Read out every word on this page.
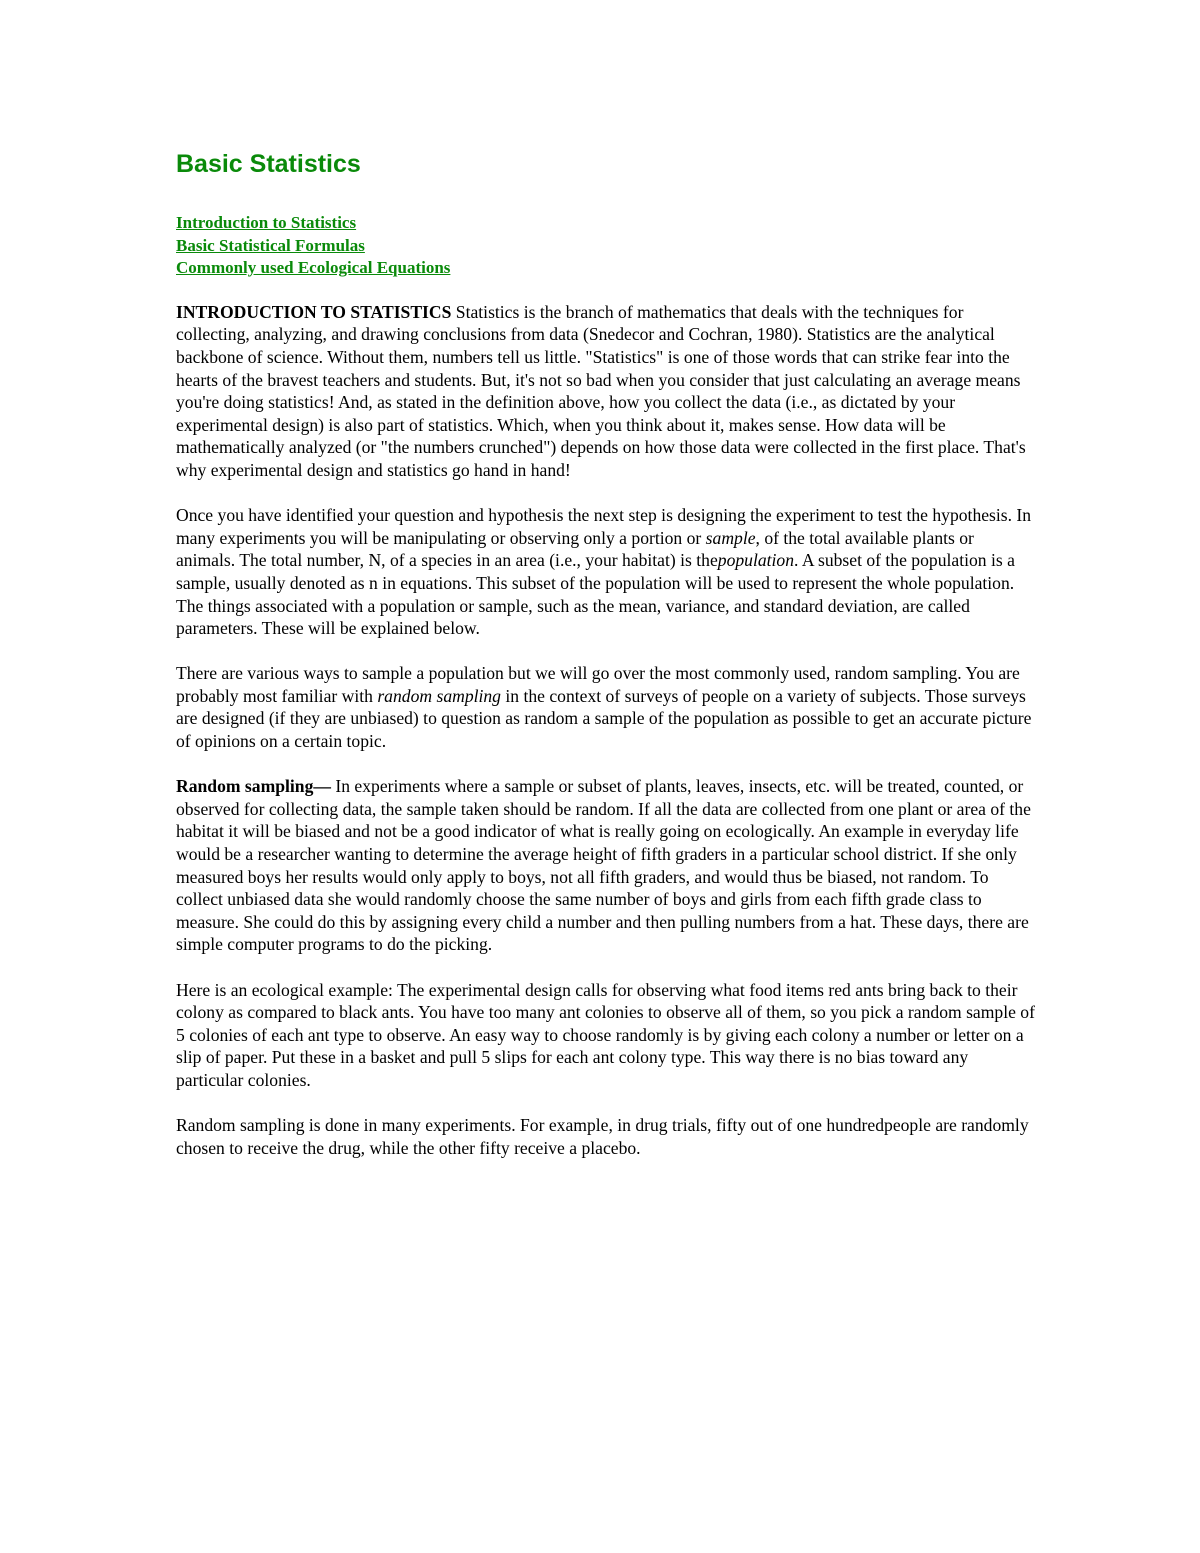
Basic Statistics
Introduction to Statistics
Basic Statistical Formulas
Commonly used Ecological Equations

INTRODUCTION TO STATISTICS Statistics is the branch of mathematics that deals with the techniques for collecting, analyzing, and drawing conclusions from data (Snedecor and Cochran, 1980). Statistics are the analytical backbone of science. Without them, numbers tell us little. "Statistics" is one of those words that can strike fear into the hearts of the bravest teachers and students. But, it's not so bad when you consider that just calculating an average means you're doing statistics! And, as stated in the definition above, how you collect the data (i.e., as dictated by your experimental design) is also part of statistics. Which, when you think about it, makes sense. How data will be mathematically analyzed (or "the numbers crunched") depends on how those data were collected in the first place. That's why experimental design and statistics go hand in hand!

Once you have identified your question and hypothesis the next step is designing the experiment to test the hypothesis. In many experiments you will be manipulating or observing only a portion or sample, of the total available plants or animals. The total number, N, of a species in an area (i.e., your habitat) is thepopulation. A subset of the population is a sample, usually denoted as n in equations. This subset of the population will be used to represent the whole population. The things associated with a population or sample, such as the mean, variance, and standard deviation, are called parameters. These will be explained below.

There are various ways to sample a population but we will go over the most commonly used, random sampling. You are probably most familiar with random sampling in the context of surveys of people on a variety of subjects. Those surveys are designed (if they are unbiased) to question as random a sample of the population as possible to get an accurate picture of opinions on a certain topic.

Random sampling— In experiments where a sample or subset of plants, leaves, insects, etc. will be treated, counted, or observed for collecting data, the sample taken should be random. If all the data are collected from one plant or area of the habitat it will be biased and not be a good indicator of what is really going on ecologically. An example in everyday life would be a researcher wanting to determine the average height of fifth graders in a particular school district. If she only measured boys her results would only apply to boys, not all fifth graders, and would thus be biased, not random. To collect unbiased data she would randomly choose the same number of boys and girls from each fifth grade class to measure. She could do this by assigning every child a number and then pulling numbers from a hat. These days, there are simple computer programs to do the picking.

Here is an ecological example: The experimental design calls for observing what food items red ants bring back to their colony as compared to black ants. You have too many ant colonies to observe all of them, so you pick a random sample of 5 colonies of each ant type to observe. An easy way to choose randomly is by giving each colony a number or letter on a slip of paper. Put these in a basket and pull 5 slips for each ant colony type. This way there is no bias toward any particular colonies.

Random sampling is done in many experiments. For example, in drug trials, fifty out of one hundredpeople are randomly chosen to receive the drug, while the other fifty receive a placebo.
